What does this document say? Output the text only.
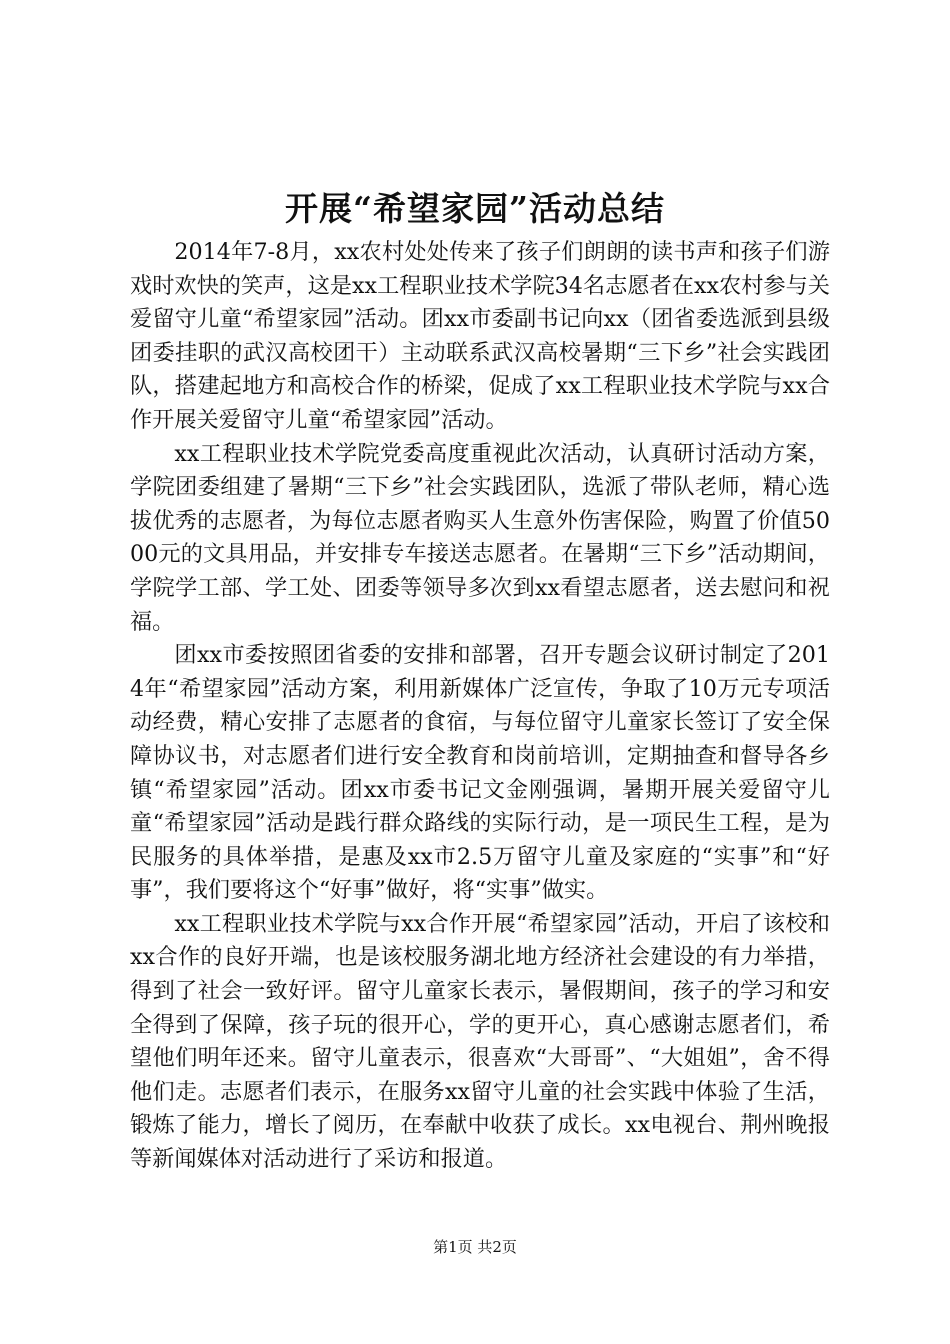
开展“希望家园”活动总结

2014年7-8月，xx农村处处传来了孩子们朗朗的读书声和孩子们游戏时欢快的笑声，这是xx工程职业技术学院34名志愿者在xx农村参与关爱留守儿童“希望家园”活动。团xx市委副书记向xx（团省委选派到县级团委挂职的武汉高校团干）主动联系武汉高校暑期“三下乡”社会实践团队，搭建起地方和高校合作的桥梁，促成了xx工程职业技术学院与xx合作开展关爱留守儿童“希望家园”活动。

xx工程职业技术学院党委高度重视此次活动，认真研讨活动方案，学院团委组建了暑期“三下乡”社会实践团队，选派了带队老师，精心选拔优秀的志愿者，为每位志愿者购买人生意外伤害保险，购置了价值5000元的文具用品，并安排专车接送志愿者。在暑期“三下乡”活动期间，学院学工部、学工处、团委等领导多次到xx看望志愿者，送去慰问和祝福。

团xx市委按照团省委的安排和部署，召开专题会议研讨制定了2014年“希望家园”活动方案，利用新媒体广泛宣传，争取了10万元专项活动经费，精心安排了志愿者的食宿，与每位留守儿童家长签订了安全保障协议书，对志愿者们进行安全教育和岗前培训，定期抽查和督导各乡镇“希望家园”活动。团xx市委书记文金刚强调，暑期开展关爱留守儿童“希望家园”活动是践行群众路线的实际行动，是一项民生工程，是为民服务的具体举措，是惠及xx市2.5万留守儿童及家庭的“实事”和“好事”，我们要将这个“好事”做好，将“实事”做实。

xx工程职业技术学院与xx合作开展“希望家园”活动，开启了该校和xx合作的良好开端，也是该校服务湖北地方经济社会建设的有力举措，得到了社会一致好评。留守儿童家长表示，暑假期间，孩子的学习和安全得到了保障，孩子玩的很开心，学的更开心，真心感谢志愿者们，希望他们明年还来。留守儿童表示，很喜欢“大哥哥”、“大姐姐”，舍不得他们走。志愿者们表示，在服务xx留守儿童的社会实践中体验了生活，锻炼了能力，增长了阅历，在奉献中收获了成长。xx电视台、荆州晚报等新闻媒体对活动进行了采访和报道。

第1页 共2页
